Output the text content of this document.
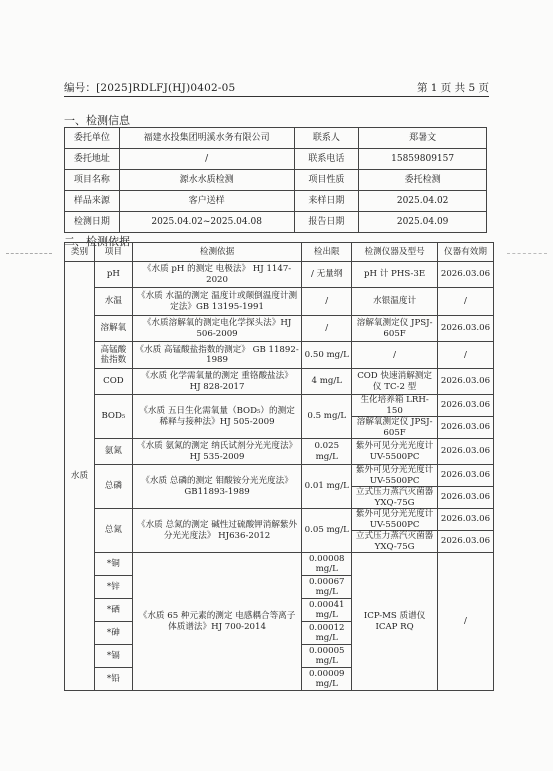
编号：[2025]RDLFJ(HJ)0402-05	第 1 页 共 5 页
一、检测信息
委托单位	福建水投集团明溪水务有限公司	联系人	郑暑文
委托地址	/	联系电话	15859809157
项目名称	源水水质检测	项目性质	委托检测
样品来源	客户送样	来样日期	2025.04.02
检测日期	2025.04.02~2025.04.08	报告日期	2025.04.09
二、检测依据
类别	项目	检测依据	检出限	检测仪器及型号	仪器有效期
水质	pH	《水质 pH 的测定 电极法》 HJ 1147-2020	/ 无量纲	pH 计 PHS-3E	2026.03.06
	水温	《水质 水温的测定 温度计或颠倒温度计测定法》GB 13195-1991	/	水银温度计	/
	溶解氧	《水质溶解氧的测定电化学探头法》HJ 506-2009	/	溶解氧测定仪 JPSJ-605F	2026.03.06
	高锰酸盐指数	《水质 高锰酸盐指数的测定》 GB 11892-1989	0.50 mg/L	/	/
	COD	《水质 化学需氧量的测定 重铬酸盐法》 HJ 828-2017	4 mg/L	COD 快速消解测定仪 TC-2 型	2026.03.06
	BOD₅	《水质 五日生化需氧量（BOD₅）的测定 稀释与接种法》HJ 505-2009	0.5 mg/L	生化培养箱 LRH-150	2026.03.06
				溶解氧测定仪 JPSJ-605F	2026.03.06
	氨氮	《水质 氨氮的测定 纳氏试剂分光光度法》 HJ 535-2009	0.025 mg/L	紫外可见分光光度计 UV-5500PC	2026.03.06
	总磷	《水质 总磷的测定 钼酸铵分光光度法》 GB11893-1989	0.01 mg/L	紫外可见分光光度计 UV-5500PC	2026.03.06
				立式压力蒸汽灭菌器 YXQ-75G	2026.03.06
	总氮	《水质 总氮的测定 碱性过硫酸钾消解紫外分光光度法》 HJ636-2012	0.05 mg/L	紫外可见分光光度计 UV-5500PC	2026.03.06
				立式压力蒸汽灭菌器 YXQ-75G	2026.03.06
	*铜	《水质 65 种元素的测定 电感耦合等离子体质谱法》HJ 700-2014	0.00008 mg/L	ICP-MS 质谱仪 ICAP RQ	/
	*锌		0.00067 mg/L		
	*硒		0.00041 mg/L		
	*砷		0.00012 mg/L		
	*镉		0.00005 mg/L		
	*铅		0.00009 mg/L		
